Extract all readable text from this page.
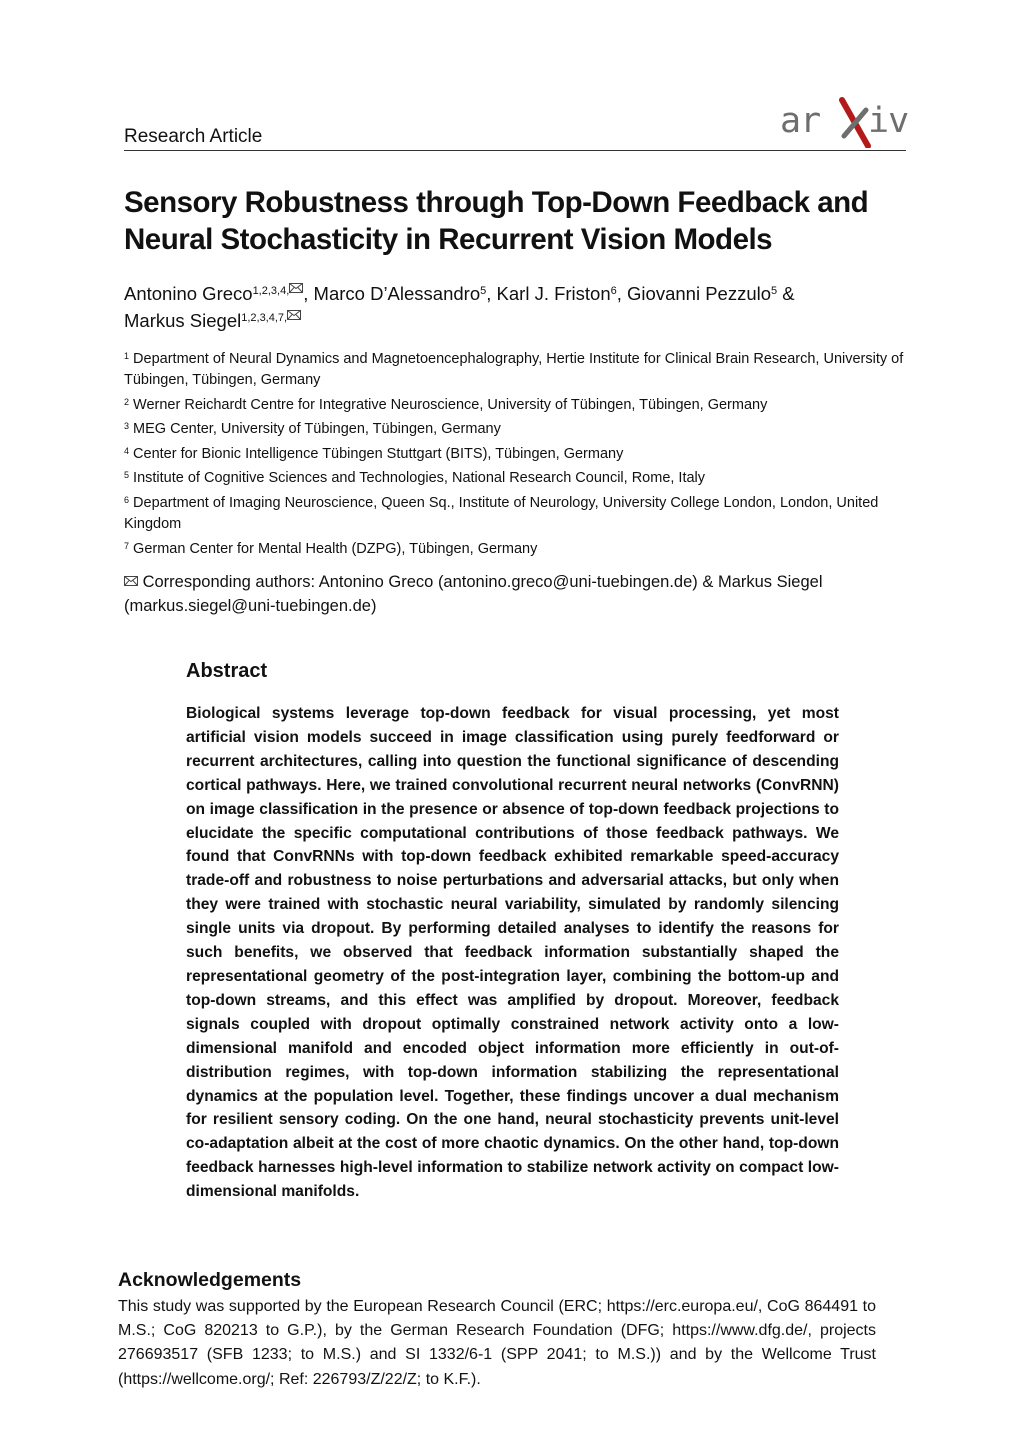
Research Article	ar iv
Sensory Robustness through Top-Down Feedback and Neural Stochasticity in Recurrent Vision Models
Antonino Greco$^{1,2,3,4,}$ , Marco D’Alessandro$^5$, Karl J. Friston$^6$, Giovanni Pezzulo$^5$ &
Markus Siegel$^{1,2,3,4,7,}$
$^1$ Department of Neural Dynamics and Magnetoencephalography, Hertie Institute for Clinical Brain Research, University of Tübingen, Tübingen, Germany
$^2$ Werner Reichardt Centre for Integrative Neuroscience, University of Tübingen, Tübingen, Germany
$^3$ MEG Center, University of Tübingen, Tübingen, Germany
$^4$ Center for Bionic Intelligence Tübingen Stuttgart (BITS), Tübingen, Germany
$^5$ Institute of Cognitive Sciences and Technologies, National Research Council, Rome, Italy
$^6$ Department of Imaging Neuroscience, Queen Sq., Institute of Neurology, University College London, London, United Kingdom
$^7$ German Center for Mental Health (DZPG), Tübingen, Germany
Corresponding authors: Antonino Greco (antonino.greco@uni-tuebingen.de) & Markus Siegel (markus.siegel@uni-tuebingen.de)
Abstract

Biological systems leverage top-down feedback for visual processing, yet most artificial vision models succeed in image classification using purely feedforward or recurrent architectures, calling into question the functional significance of descending cortical pathways. Here, we trained convolutional recurrent neural networks (ConvRNN) on image classification in the presence or absence of top-down feedback projections to elucidate the specific computational contributions of those feedback pathways. We found that ConvRNNs with top-down feedback exhibited remarkable speed-accuracy trade-off and robustness to noise perturbations and adversarial attacks, but only when they were trained with stochastic neural variability, simulated by randomly silencing single units via dropout. By performing detailed analyses to identify the reasons for such benefits, we observed that feedback information substantially shaped the representational geometry of the post-integration layer, combining the bottom-up and top-down streams, and this effect was amplified by dropout. Moreover, feedback signals coupled with dropout optimally constrained network activity onto a low-dimensional manifold and encoded object information more efficiently in out-of-distribution regimes, with top-down information stabilizing the representational dynamics at the population level. Together, these findings uncover a dual mechanism for resilient sensory coding. On the one hand, neural stochasticity prevents unit-level co-adaptation albeit at the cost of more chaotic dynamics. On the other hand, top-down feedback harnesses high-level information to stabilize network activity on compact low-dimensional manifolds.

Acknowledgements

This study was supported by the European Research Council (ERC; https://erc.europa.eu/, CoG 864491 to M.S.; CoG 820213 to G.P.), by the German Research Foundation (DFG; https://www.dfg.de/, projects 276693517 (SFB 1233; to M.S.) and SI 1332/6-1 (SPP 2041; to M.S.)) and by the Wellcome Trust (https://wellcome.org/; Ref: 226793/Z/22/Z; to K.F.).
